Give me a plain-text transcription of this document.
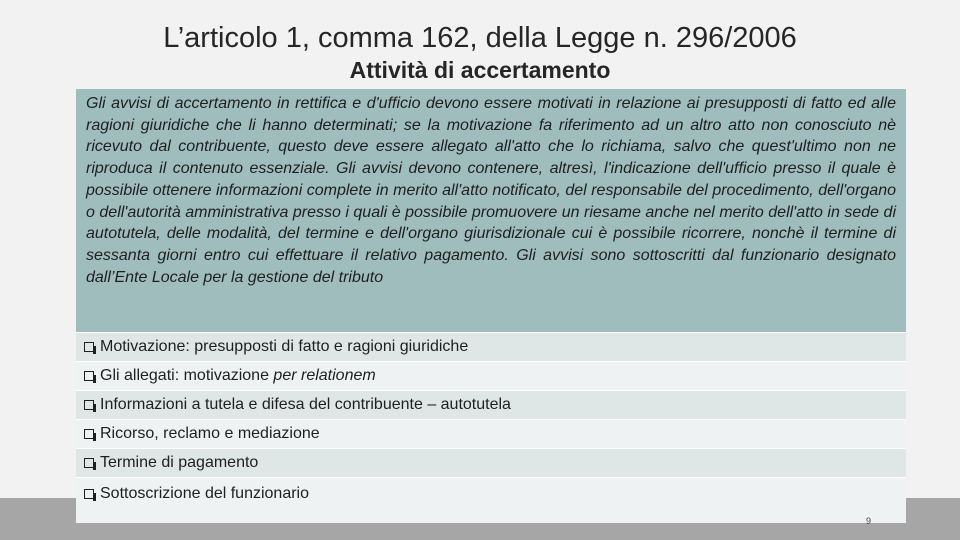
L’articolo 1, comma 162, della Legge n. 296/2006
Attività di accertamento
Gli avvisi di accertamento in rettifica e d'ufficio devono essere motivati in relazione ai presupposti di fatto ed alle ragioni giuridiche che li hanno determinati; se la motivazione fa riferimento ad un altro atto non conosciuto nè ricevuto dal contribuente, questo deve essere allegato all'atto che lo richiama, salvo che quest'ultimo non ne riproduca il contenuto essenziale. Gli avvisi devono contenere, altresì, l'indicazione dell'ufficio presso il quale è possibile ottenere informazioni complete in merito all'atto notificato, del responsabile del procedimento, dell'organo o dell'autorità amministrativa presso i quali è possibile promuovere un riesame anche nel merito dell'atto in sede di autotutela, delle modalità, del termine e dell'organo giurisdizionale cui è possibile ricorrere, nonchè il termine di sessanta giorni entro cui effettuare il relativo pagamento. Gli avvisi sono sottoscritti dal funzionario designato dall’Ente Locale per la gestione del tributo
Motivazione: presupposti di fatto e ragioni giuridiche
Gli allegati: motivazione per relationem
Informazioni a tutela e difesa del contribuente – autotutela
Ricorso, reclamo e mediazione
Termine di pagamento
Sottoscrizione del funzionario
9
